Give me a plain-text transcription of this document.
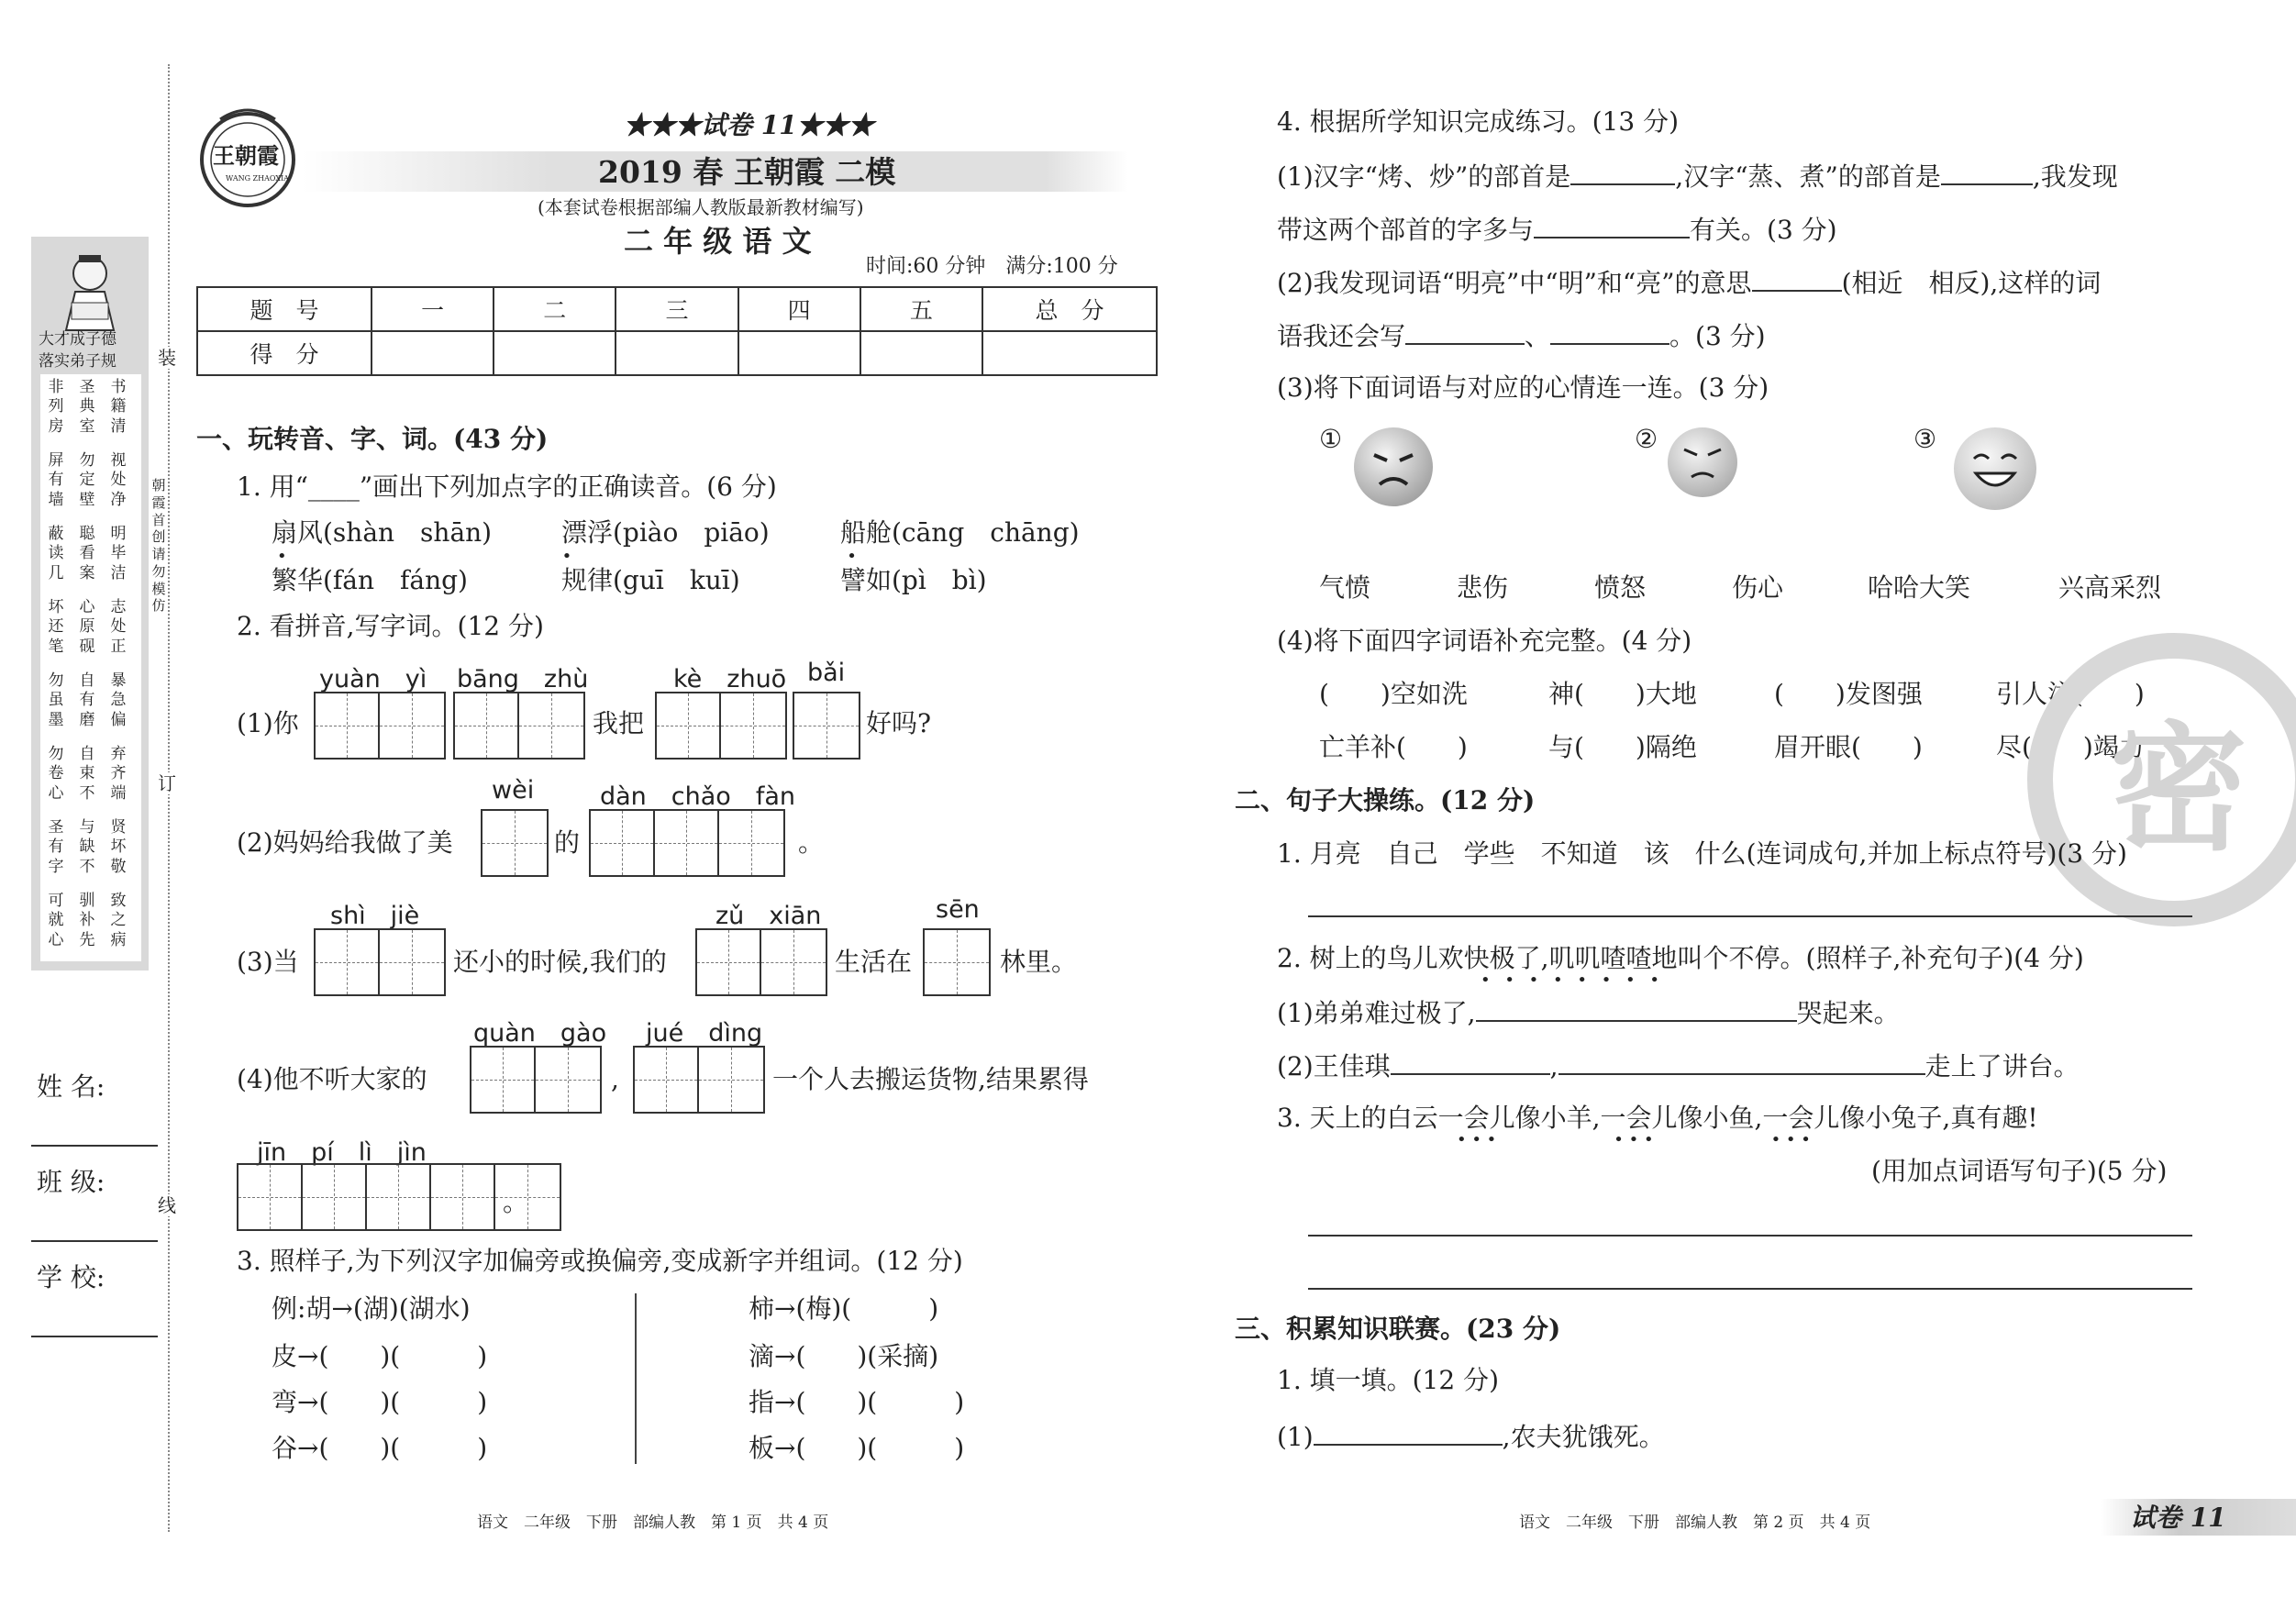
大才成子德
落实弟子规
非列房
圣典室
书籍清
屏有墙
勿定壁
视处净
蔽读几
聪看案
明毕洁
坏还笔
心原砚
志处正
勿虽墨
自有磨
暴急偏
勿卷心
自束不
弃齐端
圣有字
与缺不
贤坏敬
可就心
驯补先
致之病
装
订
线
朝霞首创　请勿模仿
姓 名:
班 级:
学 校:
王朝霞
WANG ZHAOXIA
★★★试卷 11★★★
2019 春 王朝霞 二模
(本套试卷根据部编人教版最新教材编写)
二 年 级 语 文
时间:60 分钟　满分:100 分
题　号	一	二	三	四	五	总　分
得　分						
一、玩转音、字、词。(43 分)
1. 用“____”画出下列加点字的正确读音。(6 分)
扇风(shàn　shān)	漂浮(piào　piāo)	船舱(cāng　chāng)
繁华(fán　fáng)	规律(guī　kuī)	譬如(pì　bì)
•	•	•
2. 看拼音,写字词。(12 分)
yuàn　yì bāng　zhù	kè　zhuō bǎi
(1)你	我把	好吗?
wèi	dàn　chǎo　fàn
(2)妈妈给我做了美	的	。
shì　jiè	zǔ　xiān	sēn
(3)当	还小的时候,我们的	生活在	林里。
quàn　gào jué　dìng
(4)他不听大家的	,	一个人去搬运货物,结果累得
jīn　pí　lì　jìn
。
3. 照样子,为下列汉字加偏旁或换偏旁,变成新字并组词。(12 分)
例:胡→(湖)(湖水)
皮→(　　)(　　　)
弯→(　　)(　　　)
谷→(　　)(　　　)
柿→(梅)(　　　)
滴→(　　)(采摘)
指→(　　)(　　　)
板→(　　)(　　　)
语文　二年级　下册　部编人教　第 1 页　共 4 页
4. 根据所学知识完成练习。(13 分)
(1)汉字“烤、炒”的部首是	,汉字“蒸、煮”的部首是	,我发现
带这两个部首的字多与	有关。(3 分)
(2)我发现词语“明亮”中“明”和“亮”的意思	(相近　相反),这样的词
语我还会写	、	。(3 分)
(3)将下面词语与对应的心情连一连。(3 分)
①	②	③
气愤	悲伤	愤怒	伤心	哈哈大笑	兴高采烈
(4)将下面四字词语补充完整。(4 分)
(　　)空如洗	神(　　)大地	(　　)发图强	引人注(　　)
亡羊补(　　)	与(　　)隔绝	眉开眼(　　)	尽(　　)竭力
密
二、句子大操练。(12 分)
1. 月亮　自己　学些　不知道　该　什么(连词成句,并加上标点符号)(3 分)
2. 树上的鸟儿欢快极了,叽叽喳喳地叫个不停。(照样子,补充句子)(4 分)
• • • • • • • •
(1)弟弟难过极了,	哭起来。
(2)王佳琪	,	走上了讲台。
3. 天上的白云一会儿像小羊,一会儿像小鱼,一会儿像小兔子,真有趣!
• • •	• • •	• • •
(用加点词语写句子)(5 分)
三、积累知识联赛。(23 分)
1. 填一填。(12 分)
(1)	,农夫犹饿死。
语文　二年级　下册　部编人教　第 2 页　共 4 页	试卷 11
